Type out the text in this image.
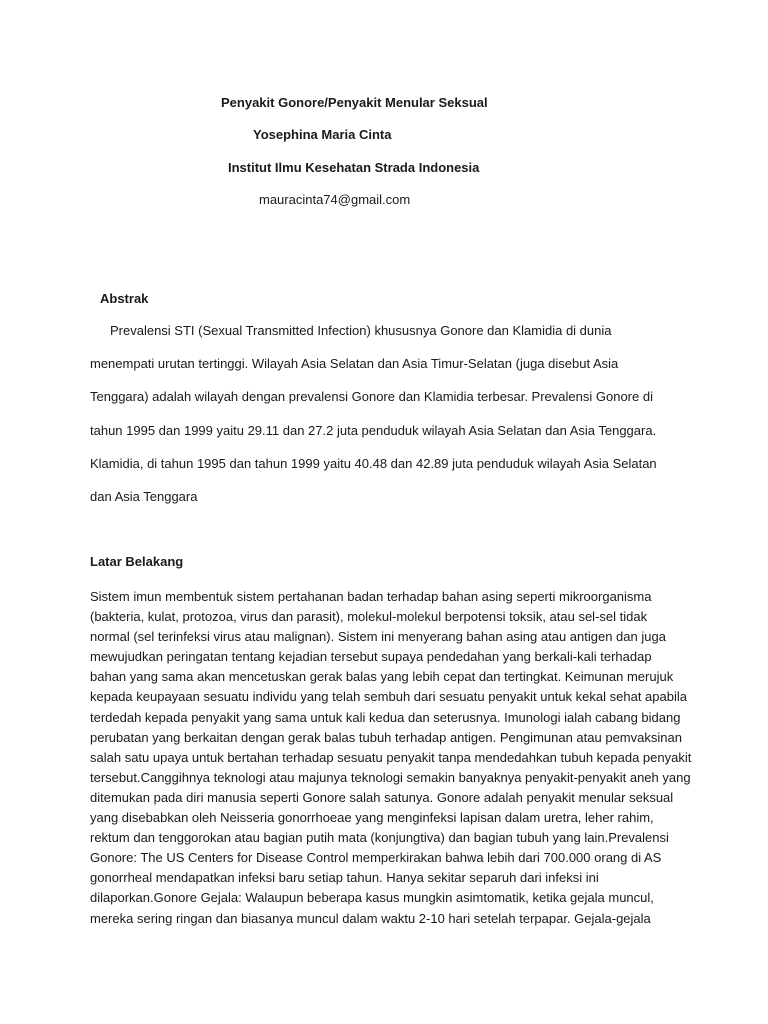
Penyakit Gonore/Penyakit Menular Seksual
Yosephina Maria Cinta
Institut Ilmu Kesehatan Strada Indonesia
mauracinta74@gmail.com
Abstrak
Prevalensi STI (Sexual Transmitted Infection) khususnya Gonore dan Klamidia di dunia
menempati urutan tertinggi. Wilayah Asia Selatan dan Asia Timur-Selatan (juga disebut Asia
Tenggara) adalah wilayah dengan prevalensi Gonore dan Klamidia terbesar. Prevalensi Gonore di
tahun 1995 dan 1999 yaitu 29.11 dan 27.2 juta penduduk wilayah Asia Selatan dan Asia Tenggara.
Klamidia, di tahun 1995 dan tahun 1999 yaitu 40.48 dan 42.89 juta penduduk wilayah Asia Selatan
dan Asia Tenggara
Latar Belakang
Sistem imun membentuk sistem pertahanan badan terhadap bahan asing seperti mikroorganisma
(bakteria, kulat, protozoa, virus dan parasit), molekul-molekul berpotensi toksik, atau sel-sel tidak
normal (sel terinfeksi virus atau malignan). Sistem ini menyerang bahan asing atau antigen dan juga
mewujudkan peringatan tentang kejadian tersebut supaya pendedahan yang berkali-kali terhadap
bahan yang sama akan mencetuskan gerak balas yang lebih cepat dan tertingkat. Keimunan merujuk
kepada keupayaan sesuatu individu yang telah sembuh dari sesuatu penyakit untuk kekal sehat apabila
terdedah kepada penyakit yang sama untuk kali kedua dan seterusnya. Imunologi ialah cabang bidang
perubatan yang berkaitan dengan gerak balas tubuh terhadap antigen. Pengimunan atau pemvaksinan
salah satu upaya untuk bertahan terhadap sesuatu penyakit tanpa mendedahkan tubuh kepada penyakit
tersebut.Canggihnya teknologi atau majunya teknologi semakin banyaknya penyakit-penyakit aneh yang
ditemukan pada diri manusia seperti Gonore salah satunya. Gonore adalah penyakit menular seksual
yang disebabkan oleh Neisseria gonorrhoeae yang menginfeksi lapisan dalam uretra, leher rahim,
rektum dan tenggorokan atau bagian putih mata (konjungtiva) dan bagian tubuh yang lain.Prevalensi
Gonore: The US Centers for Disease Control memperkirakan bahwa lebih dari 700.000 orang di AS
gonorrheal mendapatkan infeksi baru setiap tahun. Hanya sekitar separuh dari infeksi ini
dilaporkan.Gonore Gejala: Walaupun beberapa kasus mungkin asimtomatik, ketika gejala muncul,
mereka sering ringan dan biasanya muncul dalam waktu 2-10 hari setelah terpapar. Gejala-gejala
